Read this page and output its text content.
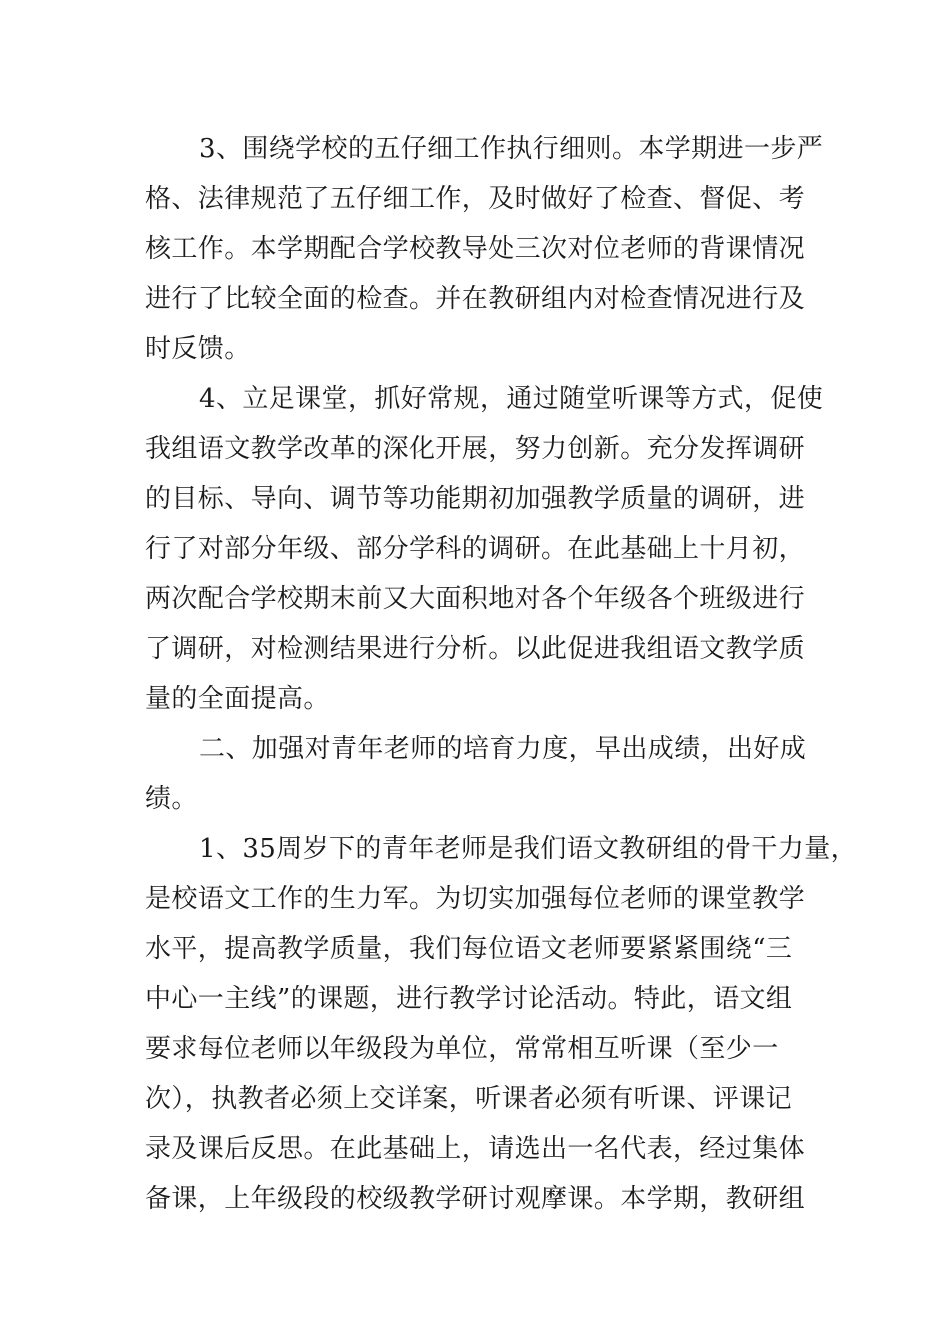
3、围绕学校的五仔细工作执行细则。本学期进一步严
格、法律规范了五仔细工作，及时做好了检查、督促、考
核工作。本学期配合学校教导处三次对位老师的背课情况
进行了比较全面的检查。并在教研组内对检查情况进行及
时反馈。
4、立足课堂，抓好常规，通过随堂听课等方式，促使
我组语文教学改革的深化开展，努力创新。充分发挥调研
的目标、导向、调节等功能期初加强教学质量的调研，进
行了对部分年级、部分学科的调研。在此基础上十月初，
两次配合学校期末前又大面积地对各个年级各个班级进行
了调研，对检测结果进行分析。以此促进我组语文教学质
量的全面提高。
二、加强对青年老师的培育力度，早出成绩，出好成
绩。
1、35周岁下的青年老师是我们语文教研组的骨干力量，
是校语文工作的生力军。为切实加强每位老师的课堂教学
水平，提高教学质量，我们每位语文老师要紧紧围绕“三
中心一主线”的课题，进行教学讨论活动。特此，语文组
要求每位老师以年级段为单位，常常相互听课（至少一
次），执教者必须上交详案，听课者必须有听课、评课记
录及课后反思。在此基础上，请选出一名代表，经过集体
备课，上年级段的校级教学研讨观摩课。本学期，教研组
